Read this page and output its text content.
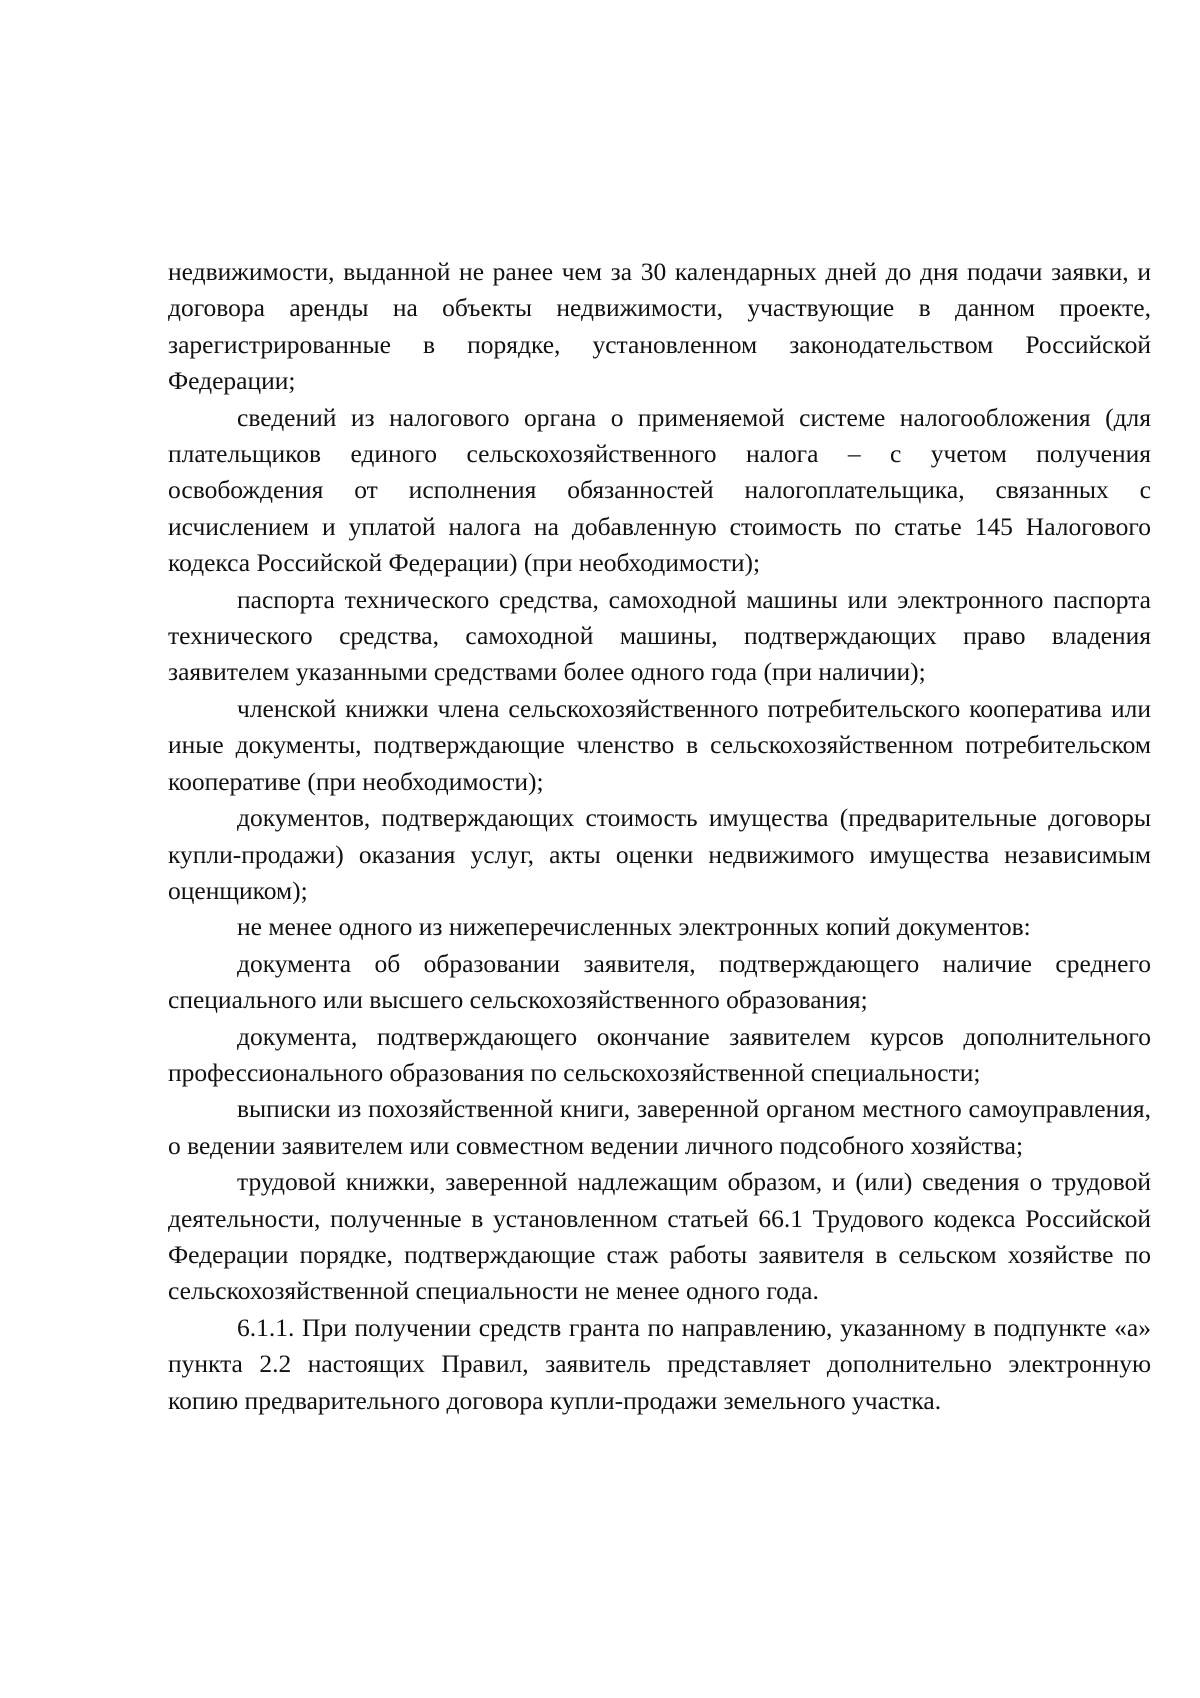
недвижимости, выданной не ранее чем за 30 календарных дней до дня подачи заявки, и договора аренды на объекты недвижимости, участвующие в данном проекте, зарегистрированные в порядке, установленном законодательством Российской Федерации;

сведений из налогового органа о применяемой системе налогообложения (для плательщиков единого сельскохозяйственного налога – с учетом получения освобождения от исполнения обязанностей налогоплательщика, связанных с исчислением и уплатой налога на добавленную стоимость по статье 145 Налогового кодекса Российской Федерации) (при необходимости);

паспорта технического средства, самоходной машины или электронного паспорта технического средства, самоходной машины, подтверждающих право владения заявителем указанными средствами более одного года (при наличии);

членской книжки члена сельскохозяйственного потребительского кооператива или иные документы, подтверждающие членство в сельскохозяйственном потребительском кооперативе (при необходимости);

документов, подтверждающих стоимость имущества (предварительные договоры купли-продажи) оказания услуг, акты оценки недвижимого имущества независимым оценщиком);

не менее одного из нижеперечисленных электронных копий документов:

документа об образовании заявителя, подтверждающего наличие среднего специального или высшего сельскохозяйственного образования;

документа, подтверждающего окончание заявителем курсов дополнительного профессионального образования по сельскохозяйственной специальности;

выписки из похозяйственной книги, заверенной органом местного самоуправления, о ведении заявителем или совместном ведении личного подсобного хозяйства;

трудовой книжки, заверенной надлежащим образом, и (или) сведения о трудовой деятельности, полученные в установленном статьей 66.1 Трудового кодекса Российской Федерации порядке, подтверждающие стаж работы заявителя в сельском хозяйстве по сельскохозяйственной специальности не менее одного года.

6.1.1. При получении средств гранта по направлению, указанному в подпункте «а» пункта 2.2 настоящих Правил, заявитель представляет дополнительно электронную копию предварительного договора купли-продажи земельного участка.
